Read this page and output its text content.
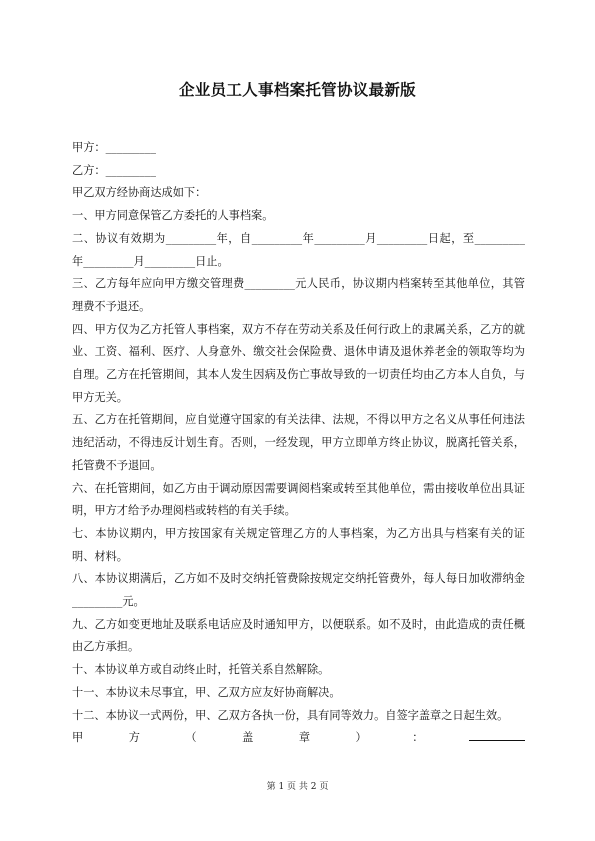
企业员工人事档案托管协议最新版

甲方：_________

乙方：_________

甲乙双方经协商达成如下：

一、甲方同意保管乙方委托的人事档案。

二、协议有效期为_________年，自_________年_________月_________日起，至_________年_________月_________日止。

三、乙方每年应向甲方缴交管理费_________元人民币，协议期内档案转至其他单位，其管理费不予退还。

四、甲方仅为乙方托管人事档案，双方不存在劳动关系及任何行政上的隶属关系，乙方的就业、工资、福利、医疗、人身意外、缴交社会保险费、退休申请及退休养老金的领取等均为自理。乙方在托管期间，其本人发生因病及伤亡事故导致的一切责任均由乙方本人自负，与甲方无关。

五、乙方在托管期间，应自觉遵守国家的有关法律、法规，不得以甲方之名义从事任何违法违纪活动，不得违反计划生育。否则，一经发现，甲方立即单方终止协议，脱离托管关系，托管费不予退回。

六、在托管期间，如乙方由于调动原因需要调阅档案或转至其他单位，需由接收单位出具证明，甲方才给予办理阅档或转档的有关手续。

七、本协议期内，甲方按国家有关规定管理乙方的人事档案，为乙方出具与档案有关的证明、材料。

八、本协议期满后，乙方如不及时交纳托管费除按规定交纳托管费外，每人每日加收滞纳金_________元。

九、乙方如变更地址及联系电话应及时通知甲方，以便联系。如不及时，由此造成的责任概由乙方承担。

十、本协议单方或自动终止时，托管关系自然解除。

十一、本协议未尽事宜，甲、乙双方应友好协商解决。

十二、本协议一式两份，甲、乙双方各执一份，具有同等效力。自签字盖章之日起生效。

甲	方	（	盖	章	）	：
第 1 页 共 2 页
